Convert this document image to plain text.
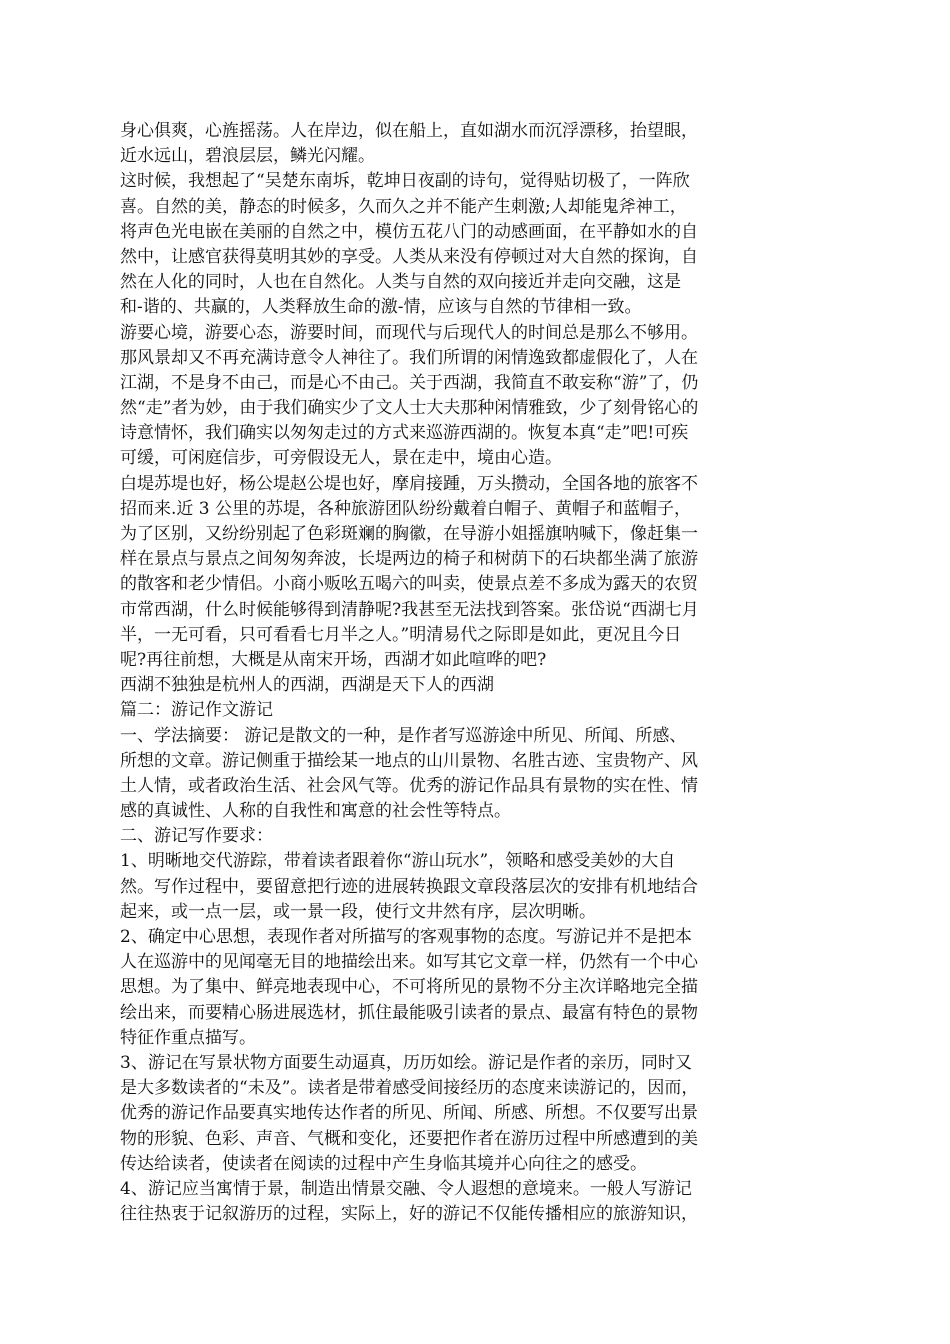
身心俱爽，心旌摇荡。人在岸边，似在船上，直如湖水而沉浮漂移，抬望眼，
近水远山，碧浪层层，鳞光闪耀。
这时候，我想起了“吴楚东南坼，乾坤日夜副的诗句，觉得贴切极了，一阵欣
喜。自然的美，静态的时候多，久而久之并不能产生刺激;人却能鬼斧神工，
将声色光电嵌在美丽的自然之中，模仿五花八门的动感画面，在平静如水的自
然中，让感官获得莫明其妙的享受。人类从来没有停顿过对大自然的探询，自
然在人化的同时，人也在自然化。人类与自然的双向接近并走向交融，这是
和-谐的、共赢的，人类释放生命的激-情，应该与自然的节律相一致。
游要心境，游要心态，游要时间，而现代与后现代人的时间总是那么不够用。
那风景却又不再充满诗意令人神往了。我们所谓的闲情逸致都虚假化了，人在
江湖，不是身不由己，而是心不由己。关于西湖，我简直不敢妄称“游”了，仍
然“走”者为妙，由于我们确实少了文人士大夫那种闲情雅致，少了刻骨铭心的
诗意情怀，我们确实以匆匆走过的方式来巡游西湖的。恢复本真“走”吧!可疾
可缓，可闲庭信步，可旁假设无人，景在走中，境由心造。
白堤苏堤也好，杨公堤赵公堤也好，摩肩接踵，万头攒动，全国各地的旅客不
招而来.近 3 公里的苏堤，各种旅游团队纷纷戴着白帽子、黄帽子和蓝帽子，
为了区别，又纷纷别起了色彩斑斓的胸徽，在导游小姐摇旗呐喊下，像赶集一
样在景点与景点之间匆匆奔波，长堤两边的椅子和树荫下的石块都坐满了旅游
的散客和老少情侣。小商小贩吆五喝六的叫卖，使景点差不多成为露天的农贸
市常西湖，什么时候能够得到清静呢?我甚至无法找到答案。张岱说“西湖七月
半，一无可看，只可看看七月半之人。”明清易代之际即是如此，更况且今日
呢?再往前想，大概是从南宋开场，西湖才如此喧哗的吧?
西湖不独独是杭州人的西湖，西湖是天下人的西湖
篇二：游记作文游记
一、学法摘要： 游记是散文的一种，是作者写巡游途中所见、所闻、所感、
所想的文章。游记侧重于描绘某一地点的山川景物、名胜古迹、宝贵物产、风
土人情，或者政治生活、社会风气等。优秀的游记作品具有景物的实在性、情
感的真诚性、人称的自我性和寓意的社会性等特点。
二、游记写作要求：
1、明晰地交代游踪，带着读者跟着你“游山玩水”，领略和感受美妙的大自
然。写作过程中，要留意把行迹的进展转换跟文章段落层次的安排有机地结合
起来，或一点一层，或一景一段，使行文井然有序，层次明晰。
2、确定中心思想，表现作者对所描写的客观事物的态度。写游记并不是把本
人在巡游中的见闻毫无目的地描绘出来。如写其它文章一样，仍然有一个中心
思想。为了集中、鲜亮地表现中心，不可将所见的景物不分主次详略地完全描
绘出来，而要精心肠进展选材，抓住最能吸引读者的景点、最富有特色的景物
特征作重点描写。
3、游记在写景状物方面要生动逼真，历历如绘。游记是作者的亲历，同时又
是大多数读者的“未及”。读者是带着感受间接经历的态度来读游记的，因而，
优秀的游记作品要真实地传达作者的所见、所闻、所感、所想。不仅要写出景
物的形貌、色彩、声音、气概和变化，还要把作者在游历过程中所感遭到的美
传达给读者，使读者在阅读的过程中产生身临其境并心向往之的感受。
4、游记应当寓情于景，制造出情景交融、令人遐想的意境来。一般人写游记
往往热衷于记叙游历的过程，实际上，好的游记不仅能传播相应的旅游知识，
